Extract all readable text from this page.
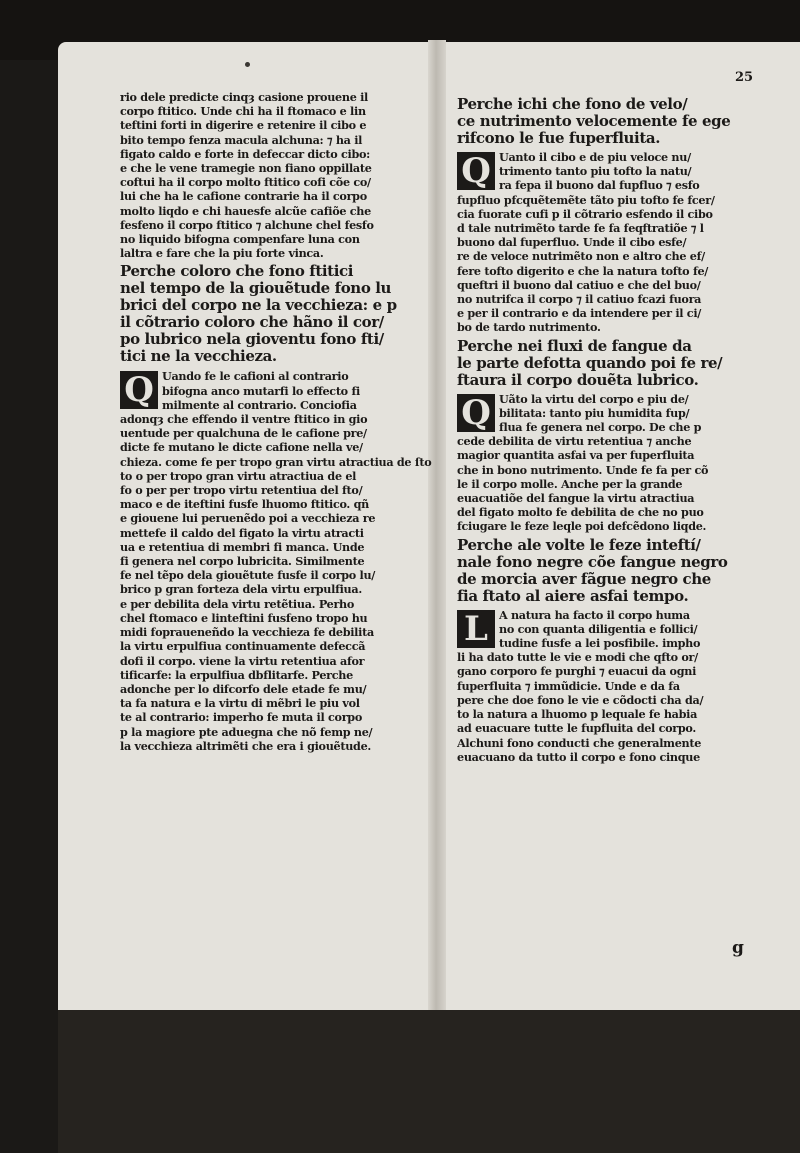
25
rio dele predicte cinqȝ casione prouene il
corpo ftitico. Unde chi ha il ftomaco e lin
teftini forti in digerire e retenire il cibo e
bito tempo fenza macula alchuna: ⁊ ha il
figato caldo e forte in defeccar dicto cibo:
e che le vene tramegie non fiano oppillate
coftui ha il corpo molto ftitico cofi cõe co/
lui che ha le cafione contrarie ha il corpo
molto liqdo e chi hauesfe alcũe cafiõe che
fesfeno il corpo ftitico ⁊ alchune chel fesfo
no liquido bifogna compenfare luna con
laltra e fare che la piu forte vinca.
Perche coloro che fono ftitici
nel tempo de la giouẽtude fono lu
brici del corpo ne la vecchieza: e p
il cõtrario coloro che hãno il cor/
po lubrico nela gioventu fono fti/
tici ne la vecchieza.
Q Uando fe le cafioni al contrario
bifogna anco mutarfi lo effecto fi
milmente al contrario. Conciofia
adonqȝ che effendo il ventre ftitico in gio
uentude per qualchuna de le cafione pre/
dicte fe mutano le dicte cafione nella ve/
chieza. come fe per tropo gran virtu atractiua de ſto
to o per tropo gran virtu atractiua de el
fo o per per tropo virtu retentiua del fto/
maco e de iteftini fusfe lhuomo ftitico. qñ
e giouene lui peruenẽdo poi a vecchieza re
mettefe il caldo del figato la virtu atracti
ua e retentiua di membri fi manca. Unde
fi genera nel corpo lubricita. Similmente
fe nel tẽpo dela giouẽtute fusfe il corpo lu/
brico p gran forteza dela virtu erpulfiua.
e per debilita dela virtu retẽtiua. Perho
chel ftomaco e linteftini fusfeno tropo hu
midi fopraueneñdo la vecchieza fe debilita
la virtu erpulfiua continuamente defeccã
dofi il corpo. viene la virtu retentiua afor
tificarfe: la erpulfiua dbflitarfe. Perche
adonche per lo difcorfo dele etade fe mu/
ta fa natura e la virtu di mẽbri le piu vol
te al contrario: imperho fe muta il corpo
p la magiore pte aduegna che nõ femp ne/
la vecchieza altrimẽti che era i giouẽtude.
Perche ichi che fono de velo/
ce nutrimento velocemente fe ege
rifcono le fue fuperfluita.
Q Uanto il cibo e de piu veloce nu/
trimento tanto piu tofto la natu/
ra fepa il buono dal fupfluo ⁊ esfo
fupfluo pfcquẽtemẽte tãto piu tofto fe fcer/
cia fuorate cufi p il cõtrario esfendo il cibo
d tale nutrimẽto tarde fe fa feqftratiõe ⁊ l
buono dal fuperfluo. Unde il cibo esfe/
re de veloce nutrimẽto non e altro che ef/
fere tofto digerito e che la natura tofto fe/
queftri il buono dal catiuo e che del buo/
no nutrifca il corpo ⁊ il catiuo fcazi fuora
e per il contrario e da intendere per il ci/
bo de tardo nutrimento.
Perche nei fluxi de fangue da
le parte defotta quando poi fe re/
ftaura il corpo douẽta lubrico.
Q Uãto la virtu del corpo e piu de/
bilitata: tanto piu humidita fup/
flua fe genera nel corpo. De che p
cede debilita de virtu retentiua ⁊ anche
magior quantita asfai va per fuperfluita
che in bono nutrimento. Unde fe fa per cõ
le il corpo molle. Anche per la grande
euacuatiõe del fangue la virtu atractiua
del figato molto fe debilita de che no puo
fciugare le feze leqle poi defcẽdono liqde.
Perche ale volte le feze inteftí/
nale fono negre cõe fangue negro
de morcia aver fãgue negro che
fia ftato al aiere asfai tempo.
L A natura ha facto il corpo huma
no con quanta diligentia e follici/
tudine fusfe a lei posfibile. impho
li ha dato tutte le vie e modi che qfto or/
gano corporo fe purghi ⁊ euacui da ogni
fuperfluita ⁊ immũdicie. Unde e da fa
pere che doe fono le vie e cõdocti cha da/
to la natura a lhuomo p lequale fe habia
ad euacuare tutte le fupfluita del corpo.
Alchuni fono conducti che generalmente
euacuano da tutto il corpo e fono cinque
g
